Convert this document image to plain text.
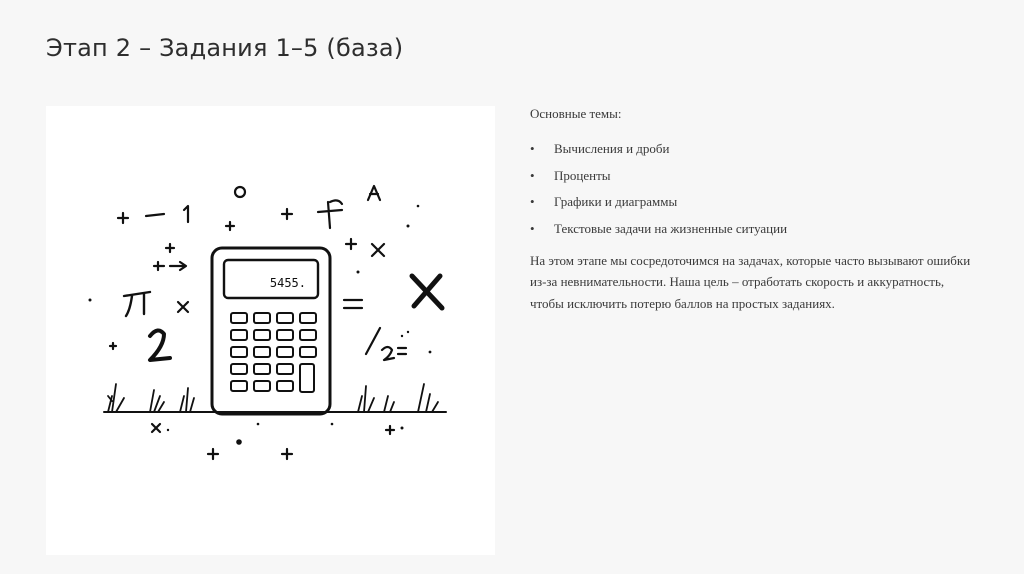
Этап 2 – Задания 1–5 (база)
5455.
Основные темы:
• Вычисления и дроби
• Проценты
• Графики и диаграммы
• Текстовые задачи на жизненные ситуации
На этом этапе мы сосредоточимся на задачах, которые часто вызывают ошибки из-за невнимательности. Наша цель – отработать скорость и аккуратность, чтобы исключить потерю баллов на простых заданиях.
